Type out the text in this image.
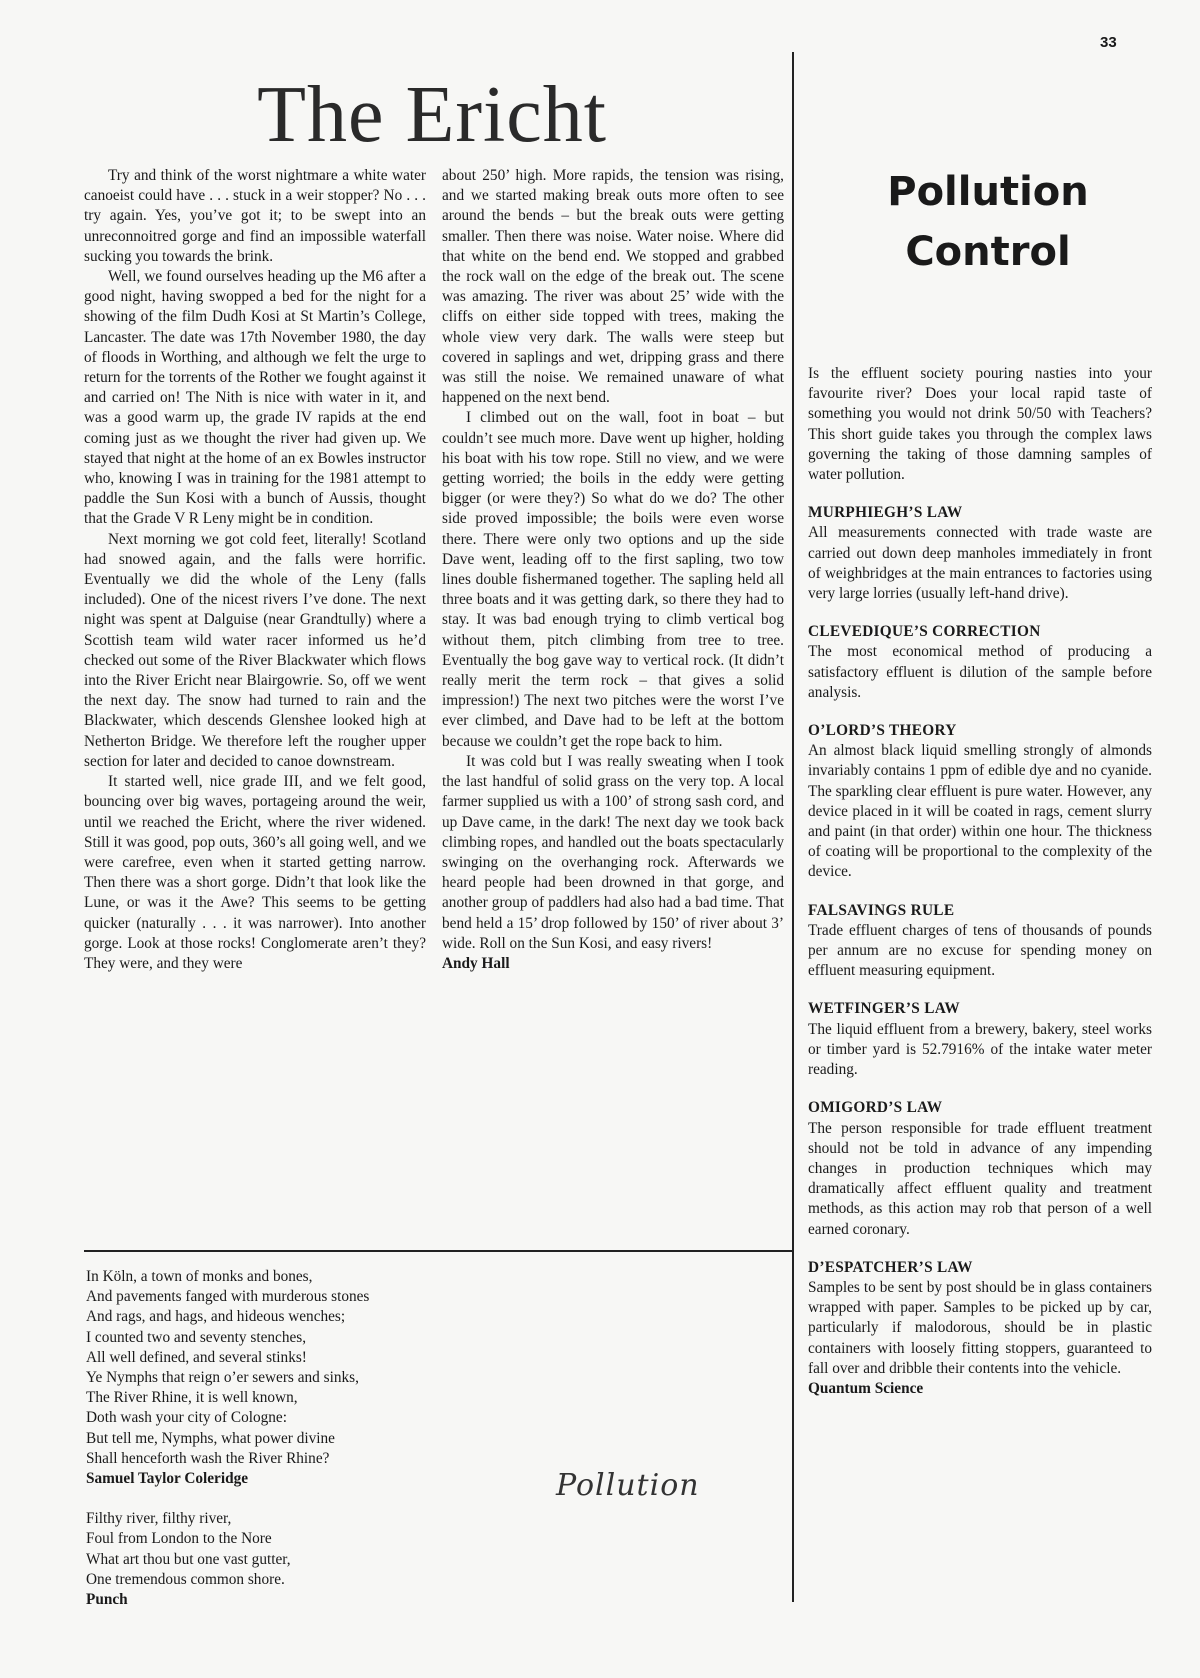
33
The Ericht

Try and think of the worst nightmare a white water canoeist could have . . . stuck in a weir stopper? No . . . try again. Yes, you’ve got it; to be swept into an unreconnoitred gorge and find an impossible waterfall sucking you towards the brink.

Well, we found ourselves heading up the M6 after a good night, having swopped a bed for the night for a showing of the film Dudh Kosi at St Martin’s College, Lancaster. The date was 17th November 1980, the day of floods in Worthing, and although we felt the urge to return for the torrents of the Rother we fought against it and carried on! The Nith is nice with water in it, and was a good warm up, the grade IV rapids at the end coming just as we thought the river had given up. We stayed that night at the home of an ex Bowles instructor who, knowing I was in training for the 1981 attempt to paddle the Sun Kosi with a bunch of Aussis, thought that the Grade V R Leny might be in condition.

Next morning we got cold feet, literally! Scotland had snowed again, and the falls were horrific. Eventually we did the whole of the Leny (falls included). One of the nicest rivers I’ve done. The next night was spent at Dalguise (near Grandtully) where a Scottish team wild water racer informed us he’d checked out some of the River Blackwater which flows into the River Ericht near Blairgowrie. So, off we went the next day. The snow had turned to rain and the Blackwater, which descends Glenshee looked high at Netherton Bridge. We therefore left the rougher upper section for later and decided to canoe downstream.

It started well, nice grade III, and we felt good, bouncing over big waves, portageing around the weir, until we reached the Ericht, where the river widened. Still it was good, pop outs, 360’s all going well, and we were carefree, even when it started getting narrow. Then there was a short gorge. Didn’t that look like the Lune, or was it the Awe? This seems to be getting quicker (naturally . . . it was narrower). Into another gorge. Look at those rocks! Conglomerate aren’t they? They were, and they were

about 250’ high. More rapids, the tension was rising, and we started making break outs more often to see around the bends – but the break outs were getting smaller. Then there was noise. Water noise. Where did that white on the bend end. We stopped and grabbed the rock wall on the edge of the break out. The scene was amazing. The river was about 25’ wide with the cliffs on either side topped with trees, making the whole view very dark. The walls were steep but covered in saplings and wet, dripping grass and there was still the noise. We remained unaware of what happened on the next bend.

I climbed out on the wall, foot in boat – but couldn’t see much more. Dave went up higher, holding his boat with his tow rope. Still no view, and we were getting worried; the boils in the eddy were getting bigger (or were they?) So what do we do? The other side proved impossible; the boils were even worse there. There were only two options and up the side Dave went, leading off to the first sapling, two tow lines double fishermaned together. The sapling held all three boats and it was getting dark, so there they had to stay. It was bad enough trying to climb vertical bog without them, pitch climbing from tree to tree. Eventually the bog gave way to vertical rock. (It didn’t really merit the term rock – that gives a solid impression!) The next two pitches were the worst I’ve ever climbed, and Dave had to be left at the bottom because we couldn’t get the rope back to him.

It was cold but I was really sweating when I took the last handful of solid grass on the very top. A local farmer supplied us with a 100’ of strong sash cord, and up Dave came, in the dark! The next day we took back climbing ropes, and handled out the boats spectacularly swinging on the overhanging rock. Afterwards we heard people had been drowned in that gorge, and another group of paddlers had also had a bad time. That bend held a 15’ drop followed by 150’ of river about 3’ wide. Roll on the Sun Kosi, and easy rivers!

Andy Hall

In Köln, a town of monks and bones,
And pavements fanged with murderous stones
And rags, and hags, and hideous wenches;
I counted two and seventy stenches,
All well defined, and several stinks!
Ye Nymphs that reign o’er sewers and sinks,
The River Rhine, it is well known,
Doth wash your city of Cologne:
But tell me, Nymphs, what power divine
Shall henceforth wash the River Rhine?
Samuel Taylor Coleridge
Filthy river, filthy river,
Foul from London to the Nore
What art thou but one vast gutter,
One tremendous common shore.
Punch
Pollution
Pollution
Control

Is the effluent society pouring nasties into your favourite river? Does your local rapid taste of something you would not drink 50/50 with Teachers? This short guide takes you through the complex laws governing the taking of those damning samples of water pollution.

MURPHIEGH’S LAW

All measurements connected with trade waste are carried out down deep manholes immediately in front of weighbridges at the main entrances to factories using very large lorries (usually left-hand drive).

CLEVEDIQUE’S CORRECTION

The most economical method of producing a satisfactory effluent is dilution of the sample before analysis.

O’LORD’S THEORY

An almost black liquid smelling strongly of almonds invariably contains 1 ppm of edible dye and no cyanide. The sparkling clear effluent is pure water. However, any device placed in it will be coated in rags, cement slurry and paint (in that order) within one hour. The thickness of coating will be proportional to the complexity of the device.

FALSAVINGS RULE

Trade effluent charges of tens of thousands of pounds per annum are no excuse for spending money on effluent measuring equipment.

WETFINGER’S LAW

The liquid effluent from a brewery, bakery, steel works or timber yard is 52.7916% of the intake water meter reading.

OMIGORD’S LAW

The person responsible for trade effluent treatment should not be told in advance of any impending changes in production techniques which may dramatically affect effluent quality and treatment methods, as this action may rob that person of a well earned coronary.

D’ESPATCHER’S LAW

Samples to be sent by post should be in glass containers wrapped with paper. Samples to be picked up by car, particularly if malodorous, should be in plastic containers with loosely fitting stoppers, guaranteed to fall over and dribble their contents into the vehicle.

Quantum Science
